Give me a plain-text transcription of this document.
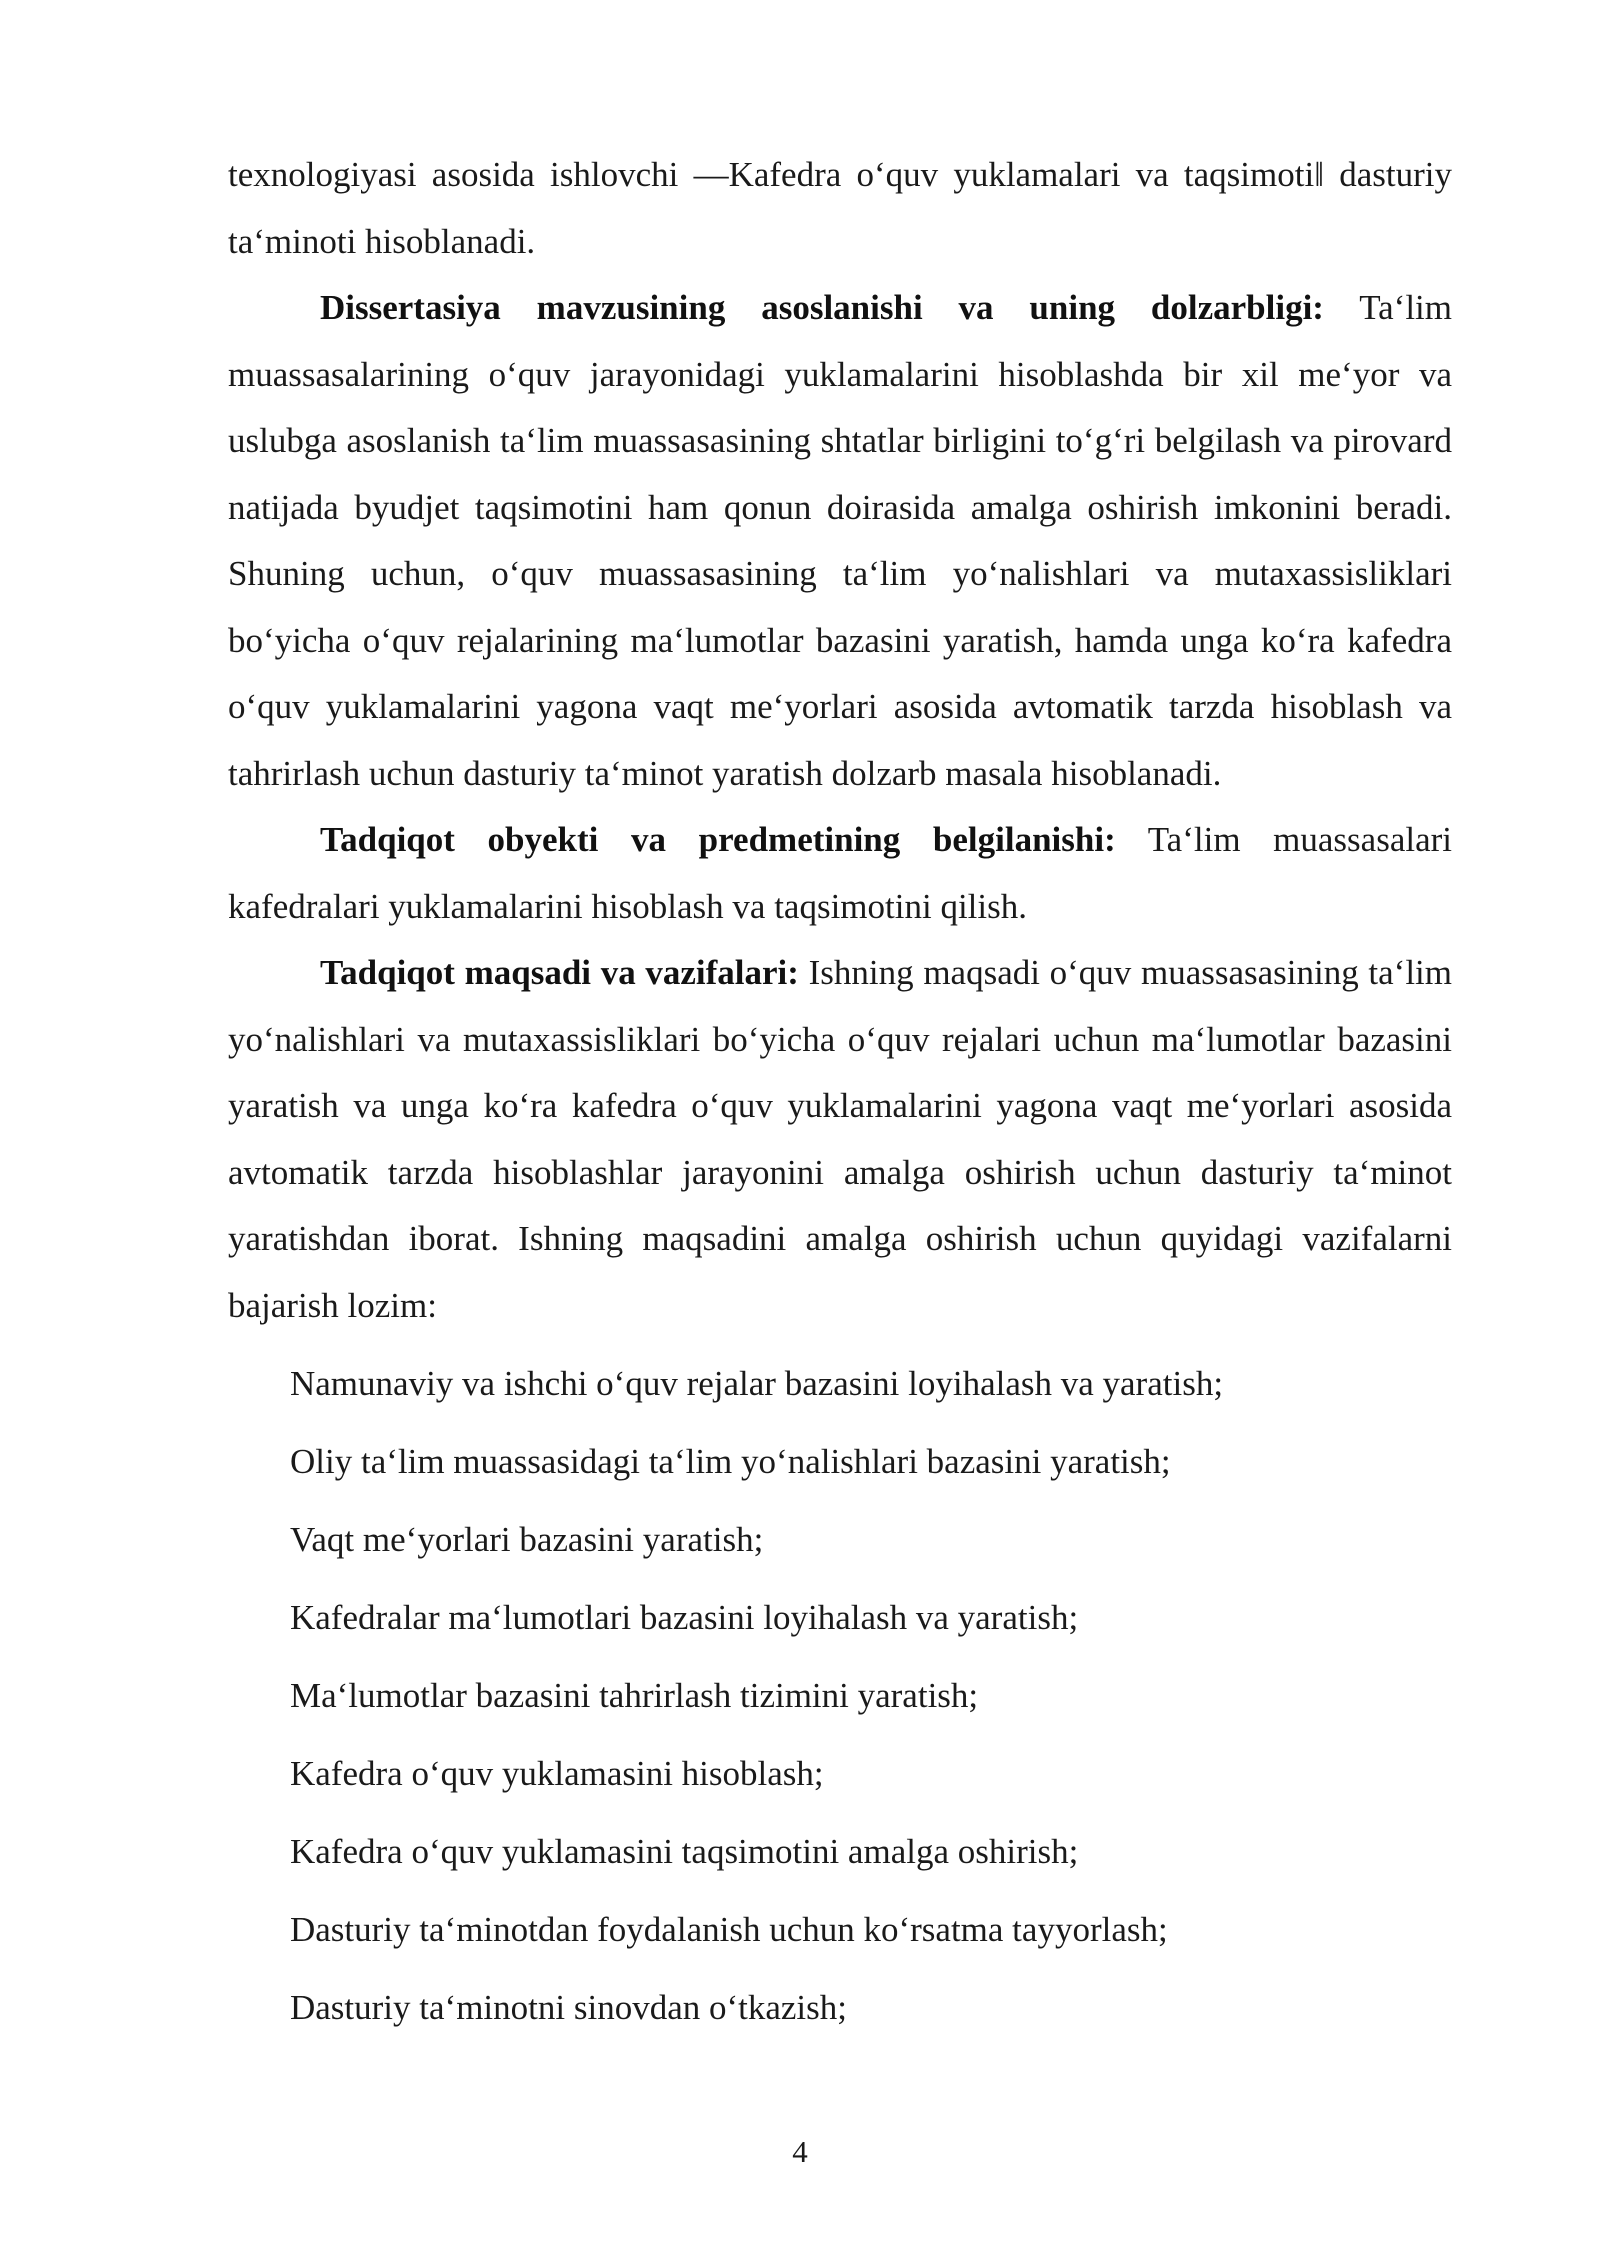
texnologiyasi asosida ishlovchi —Kafedra o‘quv yuklamalari va taqsimoti‖ dasturiy ta‘minoti hisoblanadi.

Dissertasiya mavzusining asoslanishi va uning dolzarbligi: Ta‘lim muassasalarining o‘quv jarayonidagi yuklamalarini hisoblashda bir xil me‘yor va uslubga asoslanish ta‘lim muassasasining shtatlar birligini to‘g‘ri belgilash va pirovard natijada byudjet taqsimotini ham qonun doirasida amalga oshirish imkonini beradi. Shuning uchun, o‘quv muassasasining ta‘lim yo‘nalishlari va mutaxassisliklari bo‘yicha o‘quv rejalarining ma‘lumotlar bazasini yaratish, hamda unga ko‘ra kafedra o‘quv yuklamalarini yagona vaqt me‘yorlari asosida avtomatik tarzda hisoblash va tahrirlash uchun dasturiy ta‘minot yaratish dolzarb masala hisoblanadi.

Tadqiqot obyekti va predmetining belgilanishi: Ta‘lim muassasalari kafedralari yuklamalarini hisoblash va taqsimotini qilish.

Tadqiqot maqsadi va vazifalari: Ishning maqsadi o‘quv muassasasining ta‘lim yo‘nalishlari va mutaxassisliklari bo‘yicha o‘quv rejalari uchun ma‘lumotlar bazasini yaratish va unga ko‘ra kafedra o‘quv yuklamalarini yagona vaqt me‘yorlari asosida avtomatik tarzda hisoblashlar jarayonini amalga oshirish uchun dasturiy ta‘minot yaratishdan iborat. Ishning maqsadini amalga oshirish uchun quyidagi vazifalarni bajarish lozim:

Namunaviy va ishchi o‘quv rejalar bazasini loyihalash va yaratish;
Oliy ta‘lim muassasidagi ta‘lim yo‘nalishlari bazasini yaratish;
Vaqt me‘yorlari bazasini yaratish;
Kafedralar ma‘lumotlari bazasini loyihalash va yaratish;
Ma‘lumotlar bazasini tahrirlash tizimini yaratish;
Kafedra o‘quv yuklamasini hisoblash;
Kafedra o‘quv yuklamasini taqsimotini amalga oshirish;
Dasturiy ta‘minotdan foydalanish uchun ko‘rsatma tayyorlash;
Dasturiy ta‘minotni sinovdan o‘tkazish;
4
